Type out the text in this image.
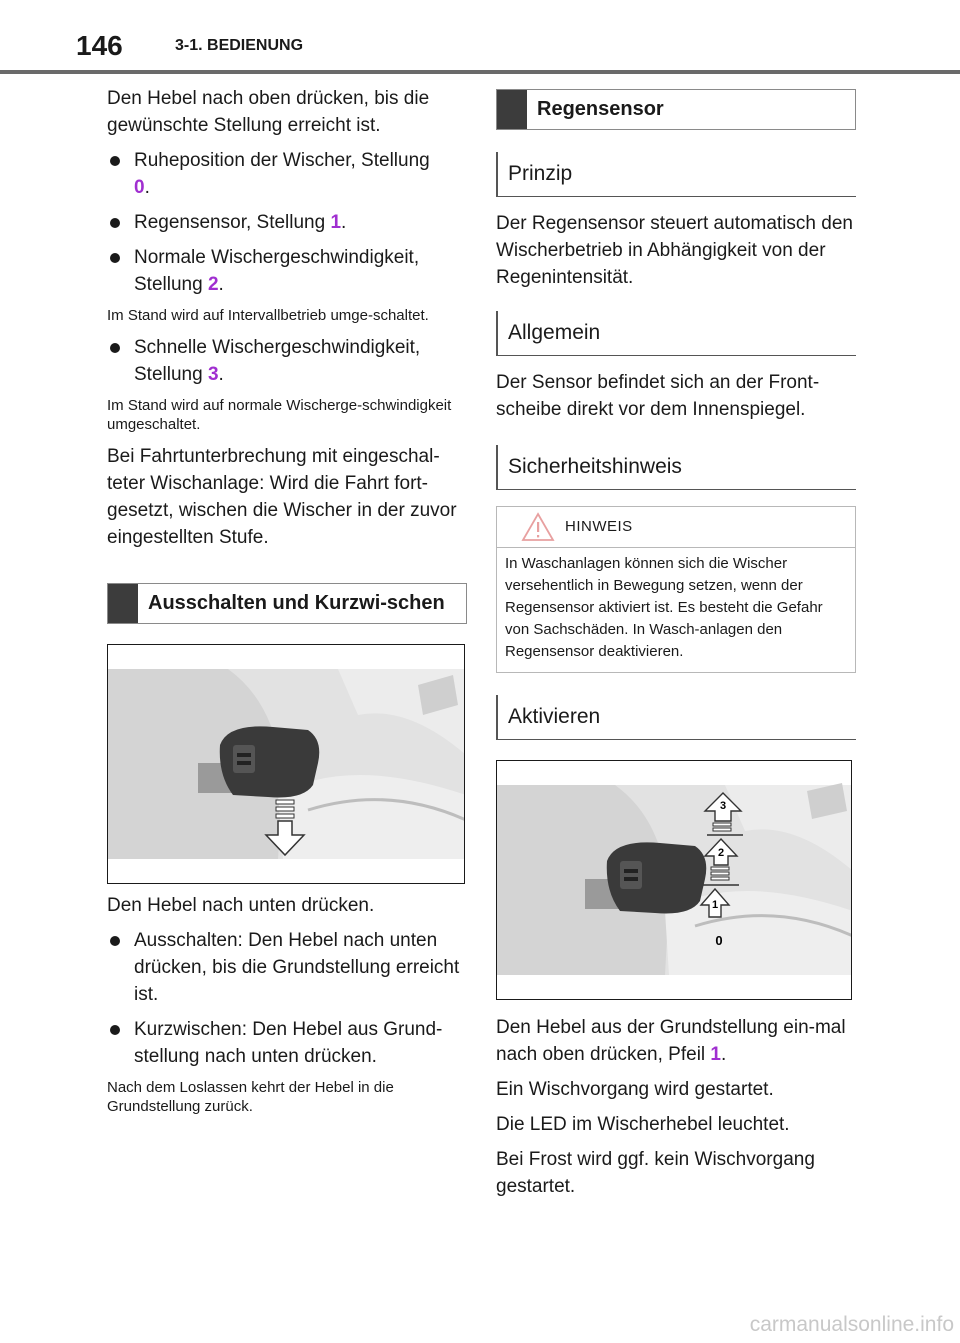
146	3-1. BEDIENUNG

Den Hebel nach oben drücken, bis die gewünschte Stellung erreicht ist.

Ruheposition der Wischer, Stellung
0.
Regensensor, Stellung 1.
Normale Wischergeschwindigkeit, Stellung 2.

Im Stand wird auf Intervallbetrieb umge-schaltet.

Schnelle Wischergeschwindigkeit, Stellung 3.

Im Stand wird auf normale Wischerge-schwindigkeit umgeschaltet.

Bei Fahrtunterbrechung mit eingeschal-teter Wischanlage: Wird die Fahrt fort-gesetzt, wischen die Wischer in der zuvor eingestellten Stufe.

Ausschalten und Kurzwi-schen

Den Hebel nach unten drücken.

Ausschalten: Den Hebel nach unten drücken, bis die Grundstellung erreicht ist.
Kurzwischen: Den Hebel aus Grund-stellung nach unten drücken.

Nach dem Loslassen kehrt der Hebel in die Grundstellung zurück.

Regensensor
Prinzip

Der Regensensor steuert automatisch den Wischerbetrieb in Abhängigkeit von der Regenintensität.

Allgemein

Der Sensor befindet sich an der Front-scheibe direkt vor dem Innenspiegel.

Sicherheitshinweis
HINWEIS
In Waschanlagen können sich die Wischer versehentlich in Bewegung setzen, wenn der Regensensor aktiviert ist. Es besteht die Gefahr von Sachschäden. In Wasch-anlagen den Regensensor deaktivieren.
Aktivieren
3
2
1
0

Den Hebel aus der Grundstellung ein-mal nach oben drücken, Pfeil 1.

Ein Wischvorgang wird gestartet.

Die LED im Wischerhebel leuchtet.

Bei Frost wird ggf. kein Wischvorgang gestartet.

carmanualsonline.info
